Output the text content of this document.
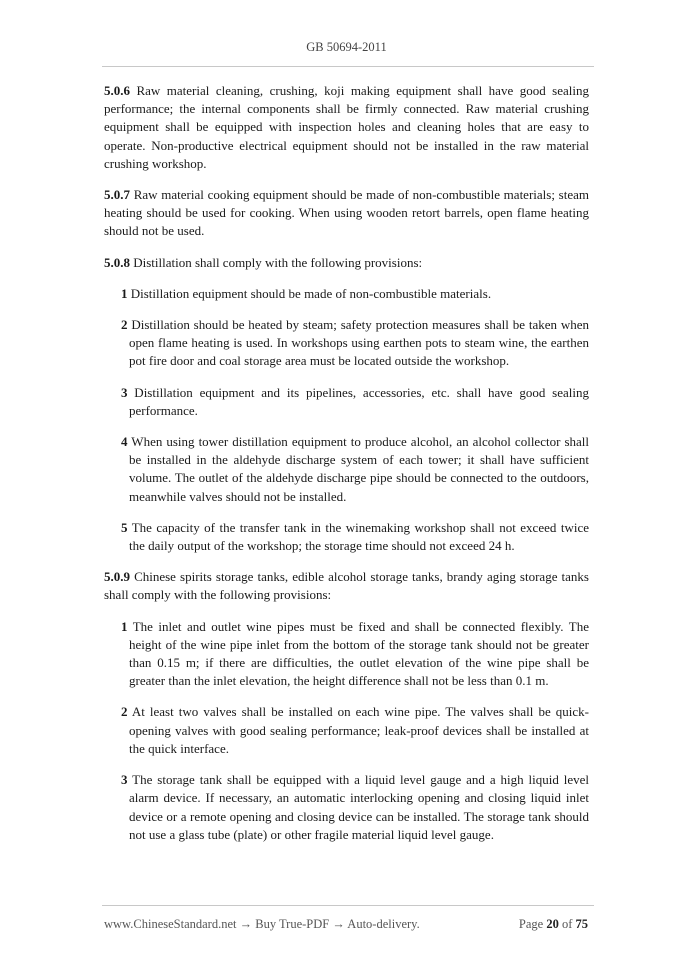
GB 50694-2011

5.0.6 Raw material cleaning, crushing, koji making equipment shall have good sealing performance; the internal components shall be firmly connected. Raw material crushing equipment shall be equipped with inspection holes and cleaning holes that are easy to operate. Non-productive electrical equipment should not be installed in the raw material crushing workshop.

5.0.7 Raw material cooking equipment should be made of non-combustible materials; steam heating should be used for cooking. When using wooden retort barrels, open flame heating should not be used.

5.0.8 Distillation shall comply with the following provisions:

1 Distillation equipment should be made of non-combustible materials.

2 Distillation should be heated by steam; safety protection measures shall be taken when open flame heating is used. In workshops using earthen pots to steam wine, the earthen pot fire door and coal storage area must be located outside the workshop.

3 Distillation equipment and its pipelines, accessories, etc. shall have good sealing performance.

4 When using tower distillation equipment to produce alcohol, an alcohol collector shall be installed in the aldehyde discharge system of each tower; it shall have sufficient volume. The outlet of the aldehyde discharge pipe should be connected to the outdoors, meanwhile valves should not be installed.

5 The capacity of the transfer tank in the winemaking workshop shall not exceed twice the daily output of the workshop; the storage time should not exceed 24 h.

5.0.9 Chinese spirits storage tanks, edible alcohol storage tanks, brandy aging storage tanks shall comply with the following provisions:

1 The inlet and outlet wine pipes must be fixed and shall be connected flexibly. The height of the wine pipe inlet from the bottom of the storage tank should not be greater than 0.15 m; if there are difficulties, the outlet elevation of the wine pipe shall be greater than the inlet elevation, the height difference shall not be less than 0.1 m.

2 At least two valves shall be installed on each wine pipe. The valves shall be quick-opening valves with good sealing performance; leak-proof devices shall be installed at the quick interface.

3 The storage tank shall be equipped with a liquid level gauge and a high liquid level alarm device. If necessary, an automatic interlocking opening and closing liquid inlet device or a remote opening and closing device can be installed. The storage tank should not use a glass tube (plate) or other fragile material liquid level gauge.

www.ChineseStandard.net → Buy True-PDF → Auto-delivery.	Page 20 of 75
